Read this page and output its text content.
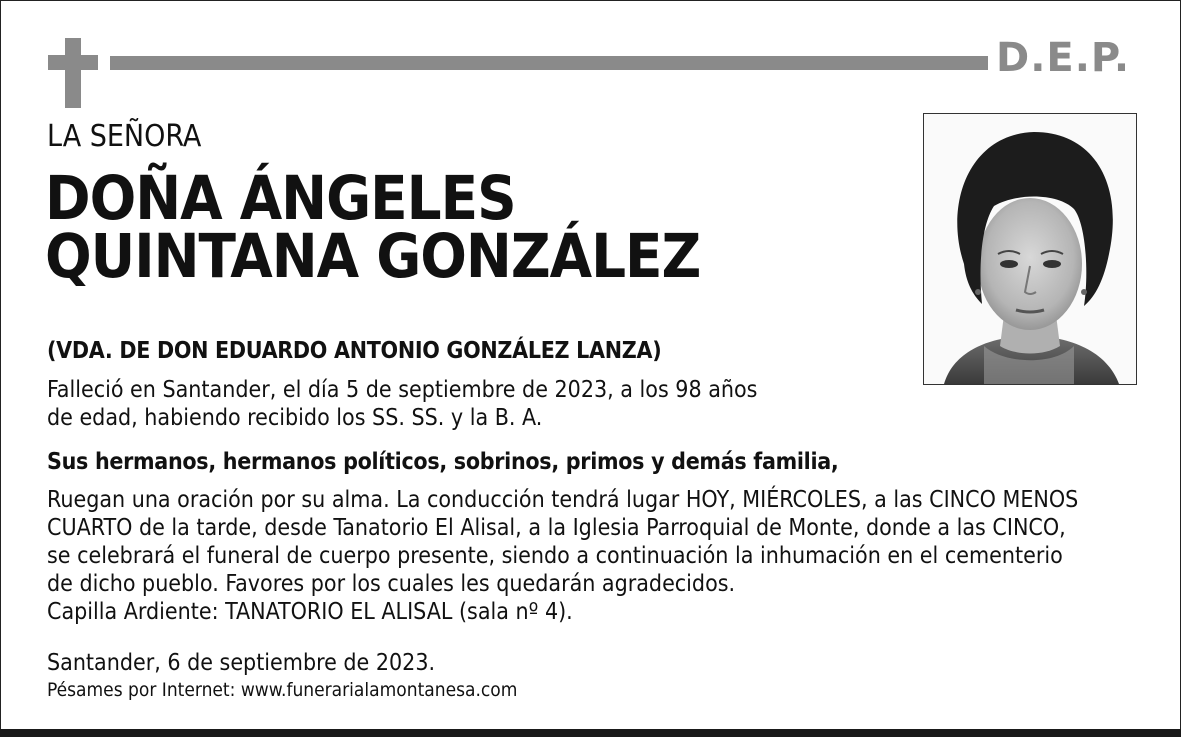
D.E.P.
LA SEÑORA
DOÑA ÁNGELES
QUINTANA GONZÁLEZ
(VDA. DE DON EDUARDO ANTONIO GONZÁLEZ LANZA)
Falleció en Santander, el día 5 de septiembre de 2023, a los 98 años
de edad, habiendo recibido los SS. SS. y la B. A.
Sus hermanos, hermanos políticos, sobrinos, primos y demás familia,
Ruegan una oración por su alma. La conducción tendrá lugar HOY, MIÉRCOLES, a las CINCO MENOS
CUARTO de la tarde, desde Tanatorio El Alisal, a la Iglesia Parroquial de Monte, donde a las CINCO,
se celebrará el funeral de cuerpo presente, siendo a continuación la inhumación en el cementerio
de dicho pueblo. Favores por los cuales les quedarán agradecidos.
Capilla Ardiente: TANATORIO EL ALISAL (sala nº 4).
Santander, 6 de septiembre de 2023.
Pésames por Internet: www.funerarialamontanesa.com
